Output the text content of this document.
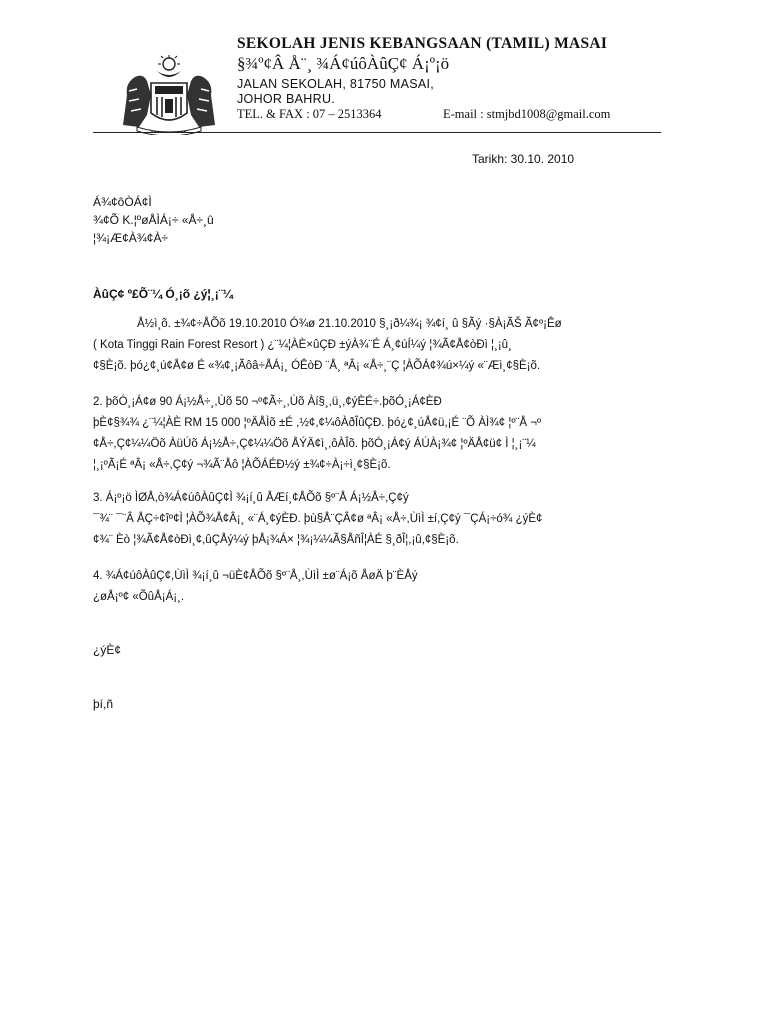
SEKOLAH JENIS KEBANGSAAN (TAMIL) MASAI
§¾º¢Â Å¨¸ ¾Á¢úôÀûÇ¢ Á¡º¡ö
JALAN SEKOLAH, 81750 MASAI,
JOHOR BAHRU.
TEL. & FAX : 07 – 2513364	E-mail : stmjbd1008@gmail.com
Tarikh: 30.10. 2010
Á¾¢ôÒÁ¢Ì
¾¢Õ K.¦ºøÅÌÁ¡÷ «Å÷¸û
¦¾¡Æ¢À¾¢À÷
ÀûÇ¢ º£Õ¨¼ Ó¸¡õ ¿ý¦¸¡¨¼
Å½ì¸õ. ±¾¢÷ÅÕõ 19.10.2010 Ó¾ø 21.10.2010 §¸¡ð¼¾¡ ¾¢í¸ û §Ãý ·§À¡ÃŠ Ã¢º¡Êø
( Kota Tinggi Rain Forest Resort ) ¿¨¼¦ÀÈ×ûÇÐ ±ýÀ¾¨É Á¸¢úÍ¼ý ¦¾Ã¢Å¢òÐì ¦¸¡û¸
¢§È¡õ. þó¿¢¸ú¢Å¢ø É «¾¢¸¡Ãôâ÷ÅÁ¡¸ ÓÊòÐ ¨Å¸ ªÂ¡ «Å÷¸¨Ç ¦ÀÕÁ¢¾ú×¼ý «¨Æì¸¢§È¡õ.
2. þõÓ¸¡Á¢ø 90 Á¡½Å÷¸,Ùõ 50 ¬º¢Ã÷¸,Ùõ Àí§¸,ü¸,¢ýÈÉ÷.þõÓ¸¡Á¢ÈÐ
þÈ¢§¾¾ ¿¨¼¦ÀÈ RM 15 000 ¦ºÄÅÌõ ±É ,½¢,¢¼ôÀðÎûÇÐ. þó¿¢¸úÅ¢ü,¡É ¨Õ ÀÌ¾¢ ¦º¨Å ¬º
¢Å÷,Ç¢¼¼Öõ ÀüÚõ Á¡½Å÷,Ç¢¼¼Öõ ÅÝÄ¢ì¸,ôÀÎõ. þõÓ¸¡Á¢ý ÁÚÀ¡¾¢ ¦ºÄÅ¢ü¢ Ì ¦¸¡¨¼
¦¸¡ºÃ¡É ªÂ¡ «Å÷,Ç¢ý ¬¾Ã¨Åô ¦ÀÕÁÉÐ½ý ±¾¢÷À¡÷ì¸¢§È¡õ.
3. Á¡º¡ö ÌØÅ,ò¾Á¢úôÀûÇ¢Ì ¾¡í¸û ÅÆí¸¢ÅÕõ §º¨Å Á¡½Å÷,Ç¢ý
¯¾¨ ¯¨Â ÅÇ÷¢îº¢Ì ¦ÀÕ¾Å¢Â¡¸ «¨Á¸¢ýÈÐ. þù§Å¨ÇÂ¢ø ªÂ¡ «Å÷,ÙìÌ ±í,Ç¢ý ¯ÇÁ¡÷ó¾ ¿ýÈ¢
¢¾¨ Èò ¦¾Ã¢Å¢òÐì¸¢,ûÇÅý¼ý þÅ¡¾Á× ¦¾¡¼¼Ã§ÅñÎ¦ÀÉ §¸ðÎ¦,¡û,¢§È¡õ.
4. ¾Á¢úôÀûÇ¢,ÙìÌ ¾¡í¸û ¬üÈ¢ÅÕõ §º¨Å¸,ÙìÌ ±ø¨Á¡õ ÅøÄ þ¨ÈÅý
¿øÅ¡º¢ «ÕûÅ¡Á¡¸.
¿ýÈ¢
þí,ñ
